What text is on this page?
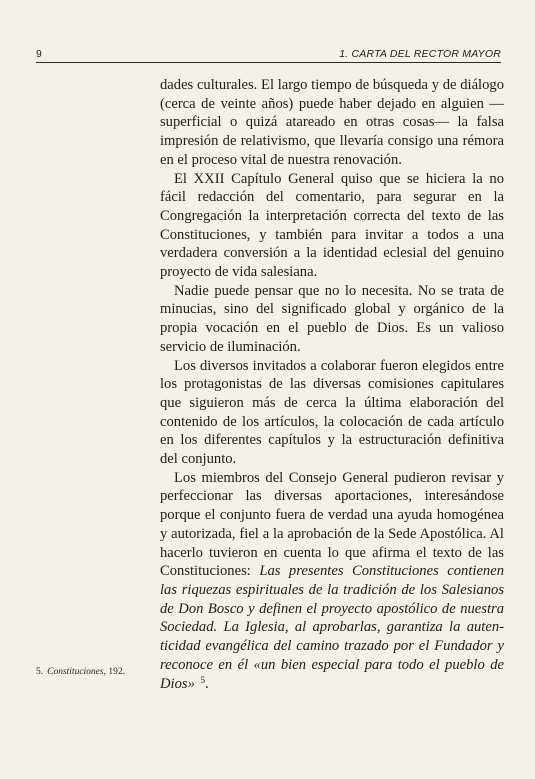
9	1. CARTA DEL RECTOR MAYOR

dades culturales. El largo tiempo de búsqueda y de diálogo (cerca de veinte años) puede haber dejado en alguien —superficial o quizá atareado en otras cosas— la falsa impresión de relativismo, que llevaría consigo una rémora en el proceso vital de nuestra renovación.

El XXII Capítulo General quiso que se hiciera la no fácil redacción del comentario, para segurar en la Congregación la interpretación correcta del texto de las Constituciones, y también para invitar a todos a una verdadera conversión a la identidad eclesial del genuino proyecto de vida salesiana.

Nadie puede pensar que no lo necesita. No se trata de minucias, sino del significado global y orgánico de la propia vocación en el pueblo de Dios. Es un valioso servicio de iluminación.

Los diversos invitados a colaborar fueron elegidos entre los protagonistas de las diversas comisiones capitulares que siguieron más de cerca la última elaboración del contenido de los artículos, la colocación de cada artículo en los diferentes capítulos y la estructuración definitiva del conjunto.

Los miembros del Consejo General pudieron revisar y perfeccionar las diversas aportaciones, interesándose porque el conjunto fuera de verdad una ayuda homogénea y autorizada, fiel a la aprobación de la Sede Apostólica. Al hacerlo tuvieron en cuenta lo que afirma el texto de las Constituciones: Las presentes Constituciones contienen las riquezas espirituales de la tradición de los Salesianos de Don Bosco y definen el proyecto apostólico de nuestra Sociedad. La Iglesia, al aprobarlas, garantiza la autenticidad evangélica del camino trazado por el Fundador y reconoce en él «un bien especial para todo el pueblo de Dios» $^5$.

5. Constituciones, 192.
